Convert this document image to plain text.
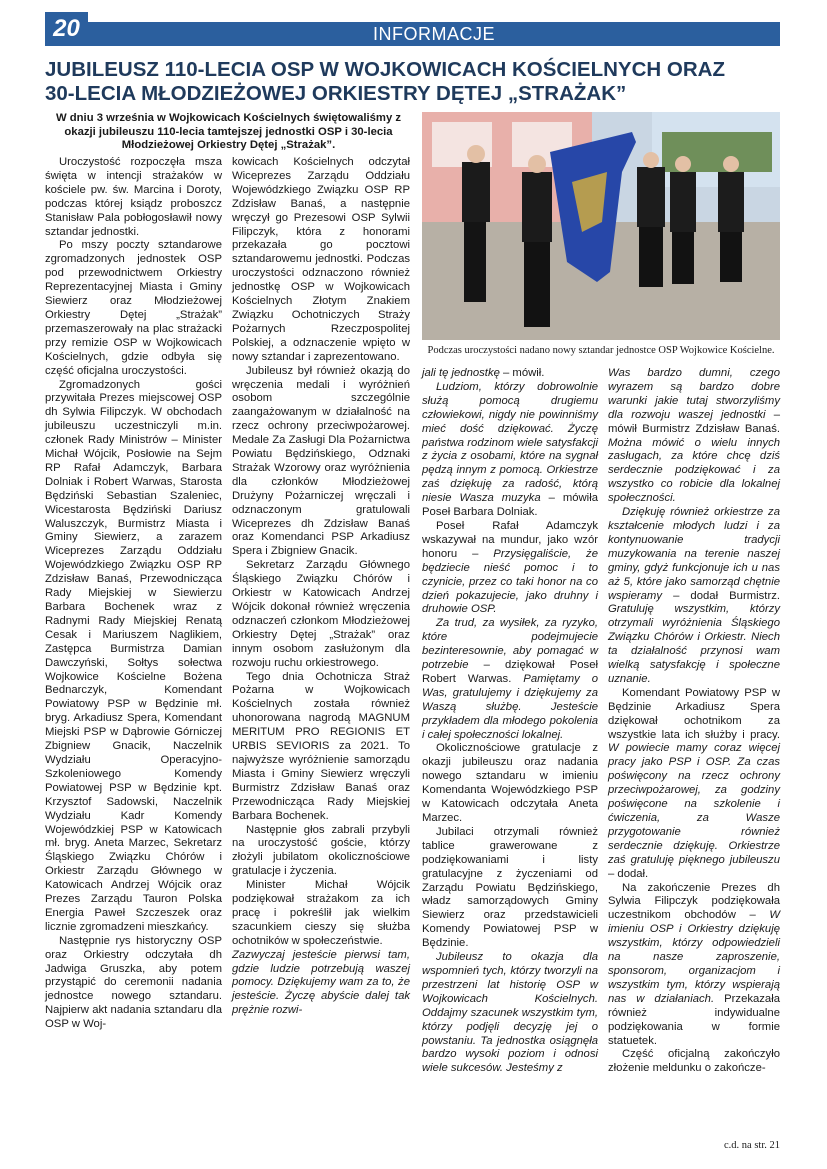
20	INFORMACJE
JUBILEUSZ 110-LECIA OSP W WOJKOWICACH KOŚCIELNYCH ORAZ
30-LECIA MŁODZIEŻOWEJ ORKIESTRY DĘTEJ „STRAŻAK”
W dniu 3 września w Wojkowicach Kościelnych świętowaliśmy z okazji jubileuszu 110-lecia tamtejszej jednostki OSP i 30-lecia Młodzieżowej Orkiestry Dętej „Strażak”.

Uroczystość rozpoczęła msza święta w intencji strażaków w kościele pw. św. Marcina i Doroty, podczas której ksiądz proboszcz Stanisław Pala pobłogosławił nowy sztandar jednostki.

Po mszy poczty sztandarowe zgromadzonych jednostek OSP pod przewodnictwem Orkiestry Reprezentacyjnej Miasta i Gminy Siewierz oraz Młodzieżowej Orkiestry Dętej „Strażak” przemaszerowały na plac strażacki przy remizie OSP w Wojkowicach Kościelnych, gdzie odbyła się część oficjalna uroczystości.

Zgromadzonych gości przywitała Prezes miejscowej OSP dh Sylwia Filipczyk. W obchodach jubileuszu uczestniczyli m.in. członek Rady Ministrów – Minister Michał Wójcik, Posłowie na Sejm RP Rafał Adamczyk, Barbara Dolniak i Robert Warwas, Starosta Będziński Sebastian Szaleniec, Wicestarosta Będziński Dariusz Waluszczyk, Burmistrz Miasta i Gminy Siewierz, a zarazem Wiceprezes Zarządu Oddziału Wojewódzkiego Związku OSP RP Zdzisław Banaś, Przewodnicząca Rady Miejskiej w Siewierzu Barbara Bochenek wraz z Radnymi Rady Miejskiej Renatą Cesak i Mariuszem Naglikiem, Zastępca Burmistrza Damian Dawczyński, Sołtys sołectwa Wojkowice Kościelne Bożena Bednarczyk, Komendant Powiatowy PSP w Będzinie mł. bryg. Arkadiusz Spera, Komendant Miejski PSP w Dąbrowie Górniczej Zbigniew Gnacik, Naczelnik Wydziału Operacyjno-Szkoleniowego Komendy Powiatowej PSP w Będzinie kpt. Krzysztof Sadowski, Naczelnik Wydziału Kadr Komendy Wojewódzkiej PSP w Katowicach mł. bryg. Aneta Marzec, Sekretarz Śląskiego Związku Chórów i Orkiestr Zarządu Głównego w Katowicach Andrzej Wójcik oraz Prezes Zarządu Tauron Polska Energia Paweł Szczeszek oraz licznie zgromadzeni mieszkańcy.

Następnie rys historyczny OSP oraz Orkiestry odczytała dh Jadwiga Gruszka, aby potem przystąpić do ceremonii nadania jednostce nowego sztandaru. Najpierw akt nadania sztandaru dla OSP w Woj-

kowicach Kościelnych odczytał Wiceprezes Zarządu Oddziału Wojewódzkiego Związku OSP RP Zdzisław Banaś, a następnie wręczył go Prezesowi OSP Sylwii Filipczyk, która z honorami przekazała go pocztowi sztandarowemu jednostki. Podczas uroczystości odznaczono również jednostkę OSP w Wojkowicach Kościelnych Złotym Znakiem Związku Ochotniczych Straży Pożarnych Rzeczpospolitej Polskiej, a odznaczenie wpięto w nowy sztandar i zaprezentowano.

Jubileusz był również okazją do wręczenia medali i wyróżnień osobom szczególnie zaangażowanym w działalność na rzecz ochrony przeciwpożarowej. Medale Za Zasługi Dla Pożarnictwa Powiatu Będzińskiego, Odznaki Strażak Wzorowy oraz wyróżnienia dla członków Młodzieżowej Drużyny Pożarniczej wręczali i odznaczonym gratulowali Wiceprezes dh Zdzisław Banaś oraz Komendanci PSP Arkadiusz Spera i Zbigniew Gnacik.

Sekretarz Zarządu Głównego Śląskiego Związku Chórów i Orkiestr w Katowicach Andrzej Wójcik dokonał również wręczenia odznaczeń członkom Młodzieżowej Orkiestry Dętej „Strażak” oraz innym osobom zasłużonym dla rozwoju ruchu orkiestrowego.

Tego dnia Ochotnicza Straż Pożarna w Wojkowicach Kościelnych została również uhonorowana nagrodą MAGNUM MERITUM PRO REGIONIS ET URBIS SEVIORIS za 2021. To najwyższe wyróżnienie samorządu Miasta i Gminy Siewierz wręczyli Burmistrz Zdzisław Banaś oraz Przewodnicząca Rady Miejskiej Barbara Bochenek.

Następnie głos zabrali przybyli na uroczystość goście, którzy złożyli jubilatom okolicznościowe gratulacje i życzenia.

Minister Michał Wójcik podziękował strażakom za ich pracę i pokreślił jak wielkim szacunkiem cieszy się służba ochotników w społeczeństwie.

Zazwyczaj jesteście pierwsi tam, gdzie ludzie potrzebują waszej pomocy. Dziękujemy wam za to, że jesteście. Życzę abyście dalej tak prężnie rozwi-

Podczas uroczystości nadano nowy sztandar jednostce OSP Wojkowice Kościelne.

jali tę jednostkę – mówił.

Ludziom, którzy dobrowolnie służą pomocą drugiemu człowiekowi, nigdy nie powinniśmy mieć dość dziękować. Życzę państwa rodzinom wiele satysfakcji z życia z osobami, które na sygnał pędzą innym z pomocą. Orkiestrze zaś dziękuję za radość, którą niesie Wasza muzyka – mówiła Poseł Barbara Dolniak.

Poseł Rafał Adamczyk wskazywał na mundur, jako wzór honoru – Przysięgaliście, że będziecie nieść pomoc i to czynicie, przez co taki honor na co dzień pokazujecie, jako druhny i druhowie OSP.

Za trud, za wysiłek, za ryzyko, które podejmujecie bezinteresownie, aby pomagać w potrzebie – dziękował Poseł Robert Warwas. Pamiętamy o Was, gratulujemy i dziękujemy za Waszą służbę. Jesteście przykładem dla młodego pokolenia i całej społeczności lokalnej.

Okolicznościowe gratulacje z okazji jubileuszu oraz nadania nowego sztandaru w imieniu Komendanta Wojewódzkiego PSP w Katowicach odczytała Aneta Marzec.

Jubilaci otrzymali również tablice grawerowane z podziękowaniami i listy gratulacyjne z życzeniami od Zarządu Powiatu Będzińskiego, władz samorządowych Gminy Siewierz oraz przedstawicieli Komendy Powiatowej PSP w Będzinie.

Jubileusz to okazja dla wspomnień tych, którzy tworzyli na przestrzeni lat historię OSP w Wojkowicach Kościelnych. Oddajmy szacunek wszystkim tym, którzy podjęli decyzję jej o powstaniu. Ta jednostka osiągnęła bardzo wysoki poziom i odnosi wiele sukcesów. Jesteśmy z

Was bardzo dumni, czego wyrazem są bardzo dobre warunki jakie tutaj stworzyliśmy dla rozwoju waszej jednostki – mówił Burmistrz Zdzisław Banaś. Można mówić o wielu innych zasługach, za które chcę dziś serdecznie podziękować i za wszystko co robicie dla lokalnej społeczności.

Dziękuję również orkiestrze za kształcenie młodych ludzi i za kontynuowanie tradycji muzykowania na terenie naszej gminy, gdyż funkcjonuje ich u nas aż 5, które jako samorząd chętnie wspieramy – dodał Burmistrz. Gratuluję wszystkim, którzy otrzymali wyróżnienia Śląskiego Związku Chórów i Orkiestr. Niech ta działalność przynosi wam wielką satysfakcję i społeczne uznanie.

Komendant Powiatowy PSP w Będzinie Arkadiusz Spera dziękował ochotnikom za wszystkie lata ich służby i pracy. W powiecie mamy coraz więcej pracy jako PSP i OSP. Za czas poświęcony na rzecz ochrony przeciwpożarowej, za godziny poświęcone na szkolenie i ćwiczenia, za Wasze przygotowanie również serdecznie dziękuję. Orkiestrze zaś gratuluję pięknego jubileuszu – dodał.

Na zakończenie Prezes dh Sylwia Filipczyk podziękowała uczestnikom obchodów – W imieniu OSP i Orkiestry dziękuję wszystkim, którzy odpowiedzieli na nasze zaproszenie, sponsorom, organizacjom i wszystkim tym, którzy wspierają nas w działaniach. Przekazała również indywidualne podziękowania w formie statuetek.

Część oficjalną zakończyło złożenie meldunku o zakończe-

c.d. na str. 21
